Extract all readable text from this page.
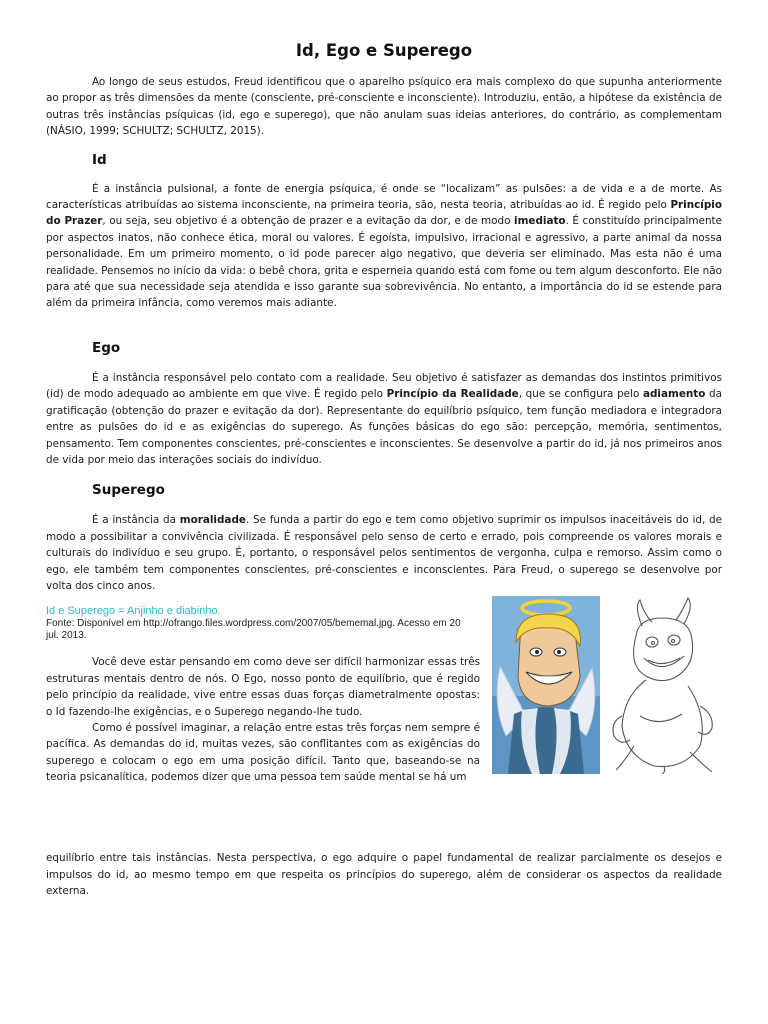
Id, Ego e Superego

Ao longo de seus estudos, Freud identificou que o aparelho psíquico era mais complexo do que supunha anteriormente ao propor as três dimensões da mente (consciente, pré-consciente e inconsciente). Introduziu, então, a hipótese da existência de outras três instâncias psíquicas (id, ego e superego), que não anulam suas ideias anteriores, do contrário, as complementam (NÁSIO, 1999; SCHULTZ; SCHULTZ, 2015).

Id

É a instância pulsional, a fonte de energia psíquica, é onde se “localizam” as pulsões: a de vida e a de morte. As características atribuídas ao sistema inconsciente, na primeira teoria, são, nesta teoria, atribuídas ao id. É regido pelo Princípio do Prazer, ou seja, seu objetivo é a obtenção de prazer e a evitação da dor, e de modo imediato. É constituído principalmente por aspectos inatos, não conhece ética, moral ou valores. É egoísta, impulsivo, irracional e agressivo, a parte animal da nossa personalidade. Em um primeiro momento, o id pode parecer algo negativo, que deveria ser eliminado. Mas esta não é uma realidade. Pensemos no início da vida: o bebê chora, grita e esperneia quando está com fome ou tem algum desconforto. Ele não para até que sua necessidade seja atendida e isso garante sua sobrevivência. No entanto, a importância do id se estende para além da primeira infância, como veremos mais adiante.

Ego

É a instância responsável pelo contato com a realidade. Seu objetivo é satisfazer as demandas dos instintos primitivos (id) de modo adequado ao ambiente em que vive. É regido pelo Princípio da Realidade, que se configura pelo adiamento da gratificação (obtenção do prazer e evitação da dor). Representante do equilíbrio psíquico, tem função mediadora e integradora entre as pulsões do id e as exigências do superego. As funções básicas do ego são: percepção, memória, sentimentos, pensamento. Tem componentes conscientes, pré-conscientes e inconscientes. Se desenvolve a partir do id, já nos primeiros anos de vida por meio das interações sociais do indivíduo.

Superego

É a instância da moralidade. Se funda a partir do ego e tem como objetivo suprimir os impulsos inaceitáveis do id, de modo a possibilitar a convivência civilizada. É responsável pelo senso de certo e errado, pois compreende os valores morais e culturais do indivíduo e seu grupo. É, portanto, o responsável pelos sentimentos de vergonha, culpa e remorso. Assim como o ego, ele também tem componentes conscientes, pré-conscientes e inconscientes. Para Freud, o superego se desenvolve por volta dos cinco anos.

Id e Superego = Anjinho e diabinho.
Fonte: Disponível em http://ofrango.files.wordpress.com/2007/05/bememal.jpg. Acesso em 20 jul. 2013.

Você deve estar pensando em como deve ser difícil harmonizar essas três estruturas mentais dentro de nós. O Ego, nosso ponto de equilíbrio, que é regido pelo princípio da realidade, vive entre essas duas forças diametralmente opostas: o Id fazendo-lhe exigências, e o Superego negando-lhe tudo.

Como é possível imaginar, a relação entre estas três forças nem sempre é pacífica. As demandas do id, muitas vezes, são conflitantes com as exigências do superego e colocam o ego em uma posição difícil. Tanto que, baseando-se na teoria psicanalítica, podemos dizer que uma pessoa tem saúde mental se há um

equilíbrio entre tais instâncias. Nesta perspectiva, o ego adquire o papel fundamental de realizar parcialmente os desejos e impulsos do id, ao mesmo tempo em que respeita os princípios do superego, além de considerar os aspectos da realidade externa.
